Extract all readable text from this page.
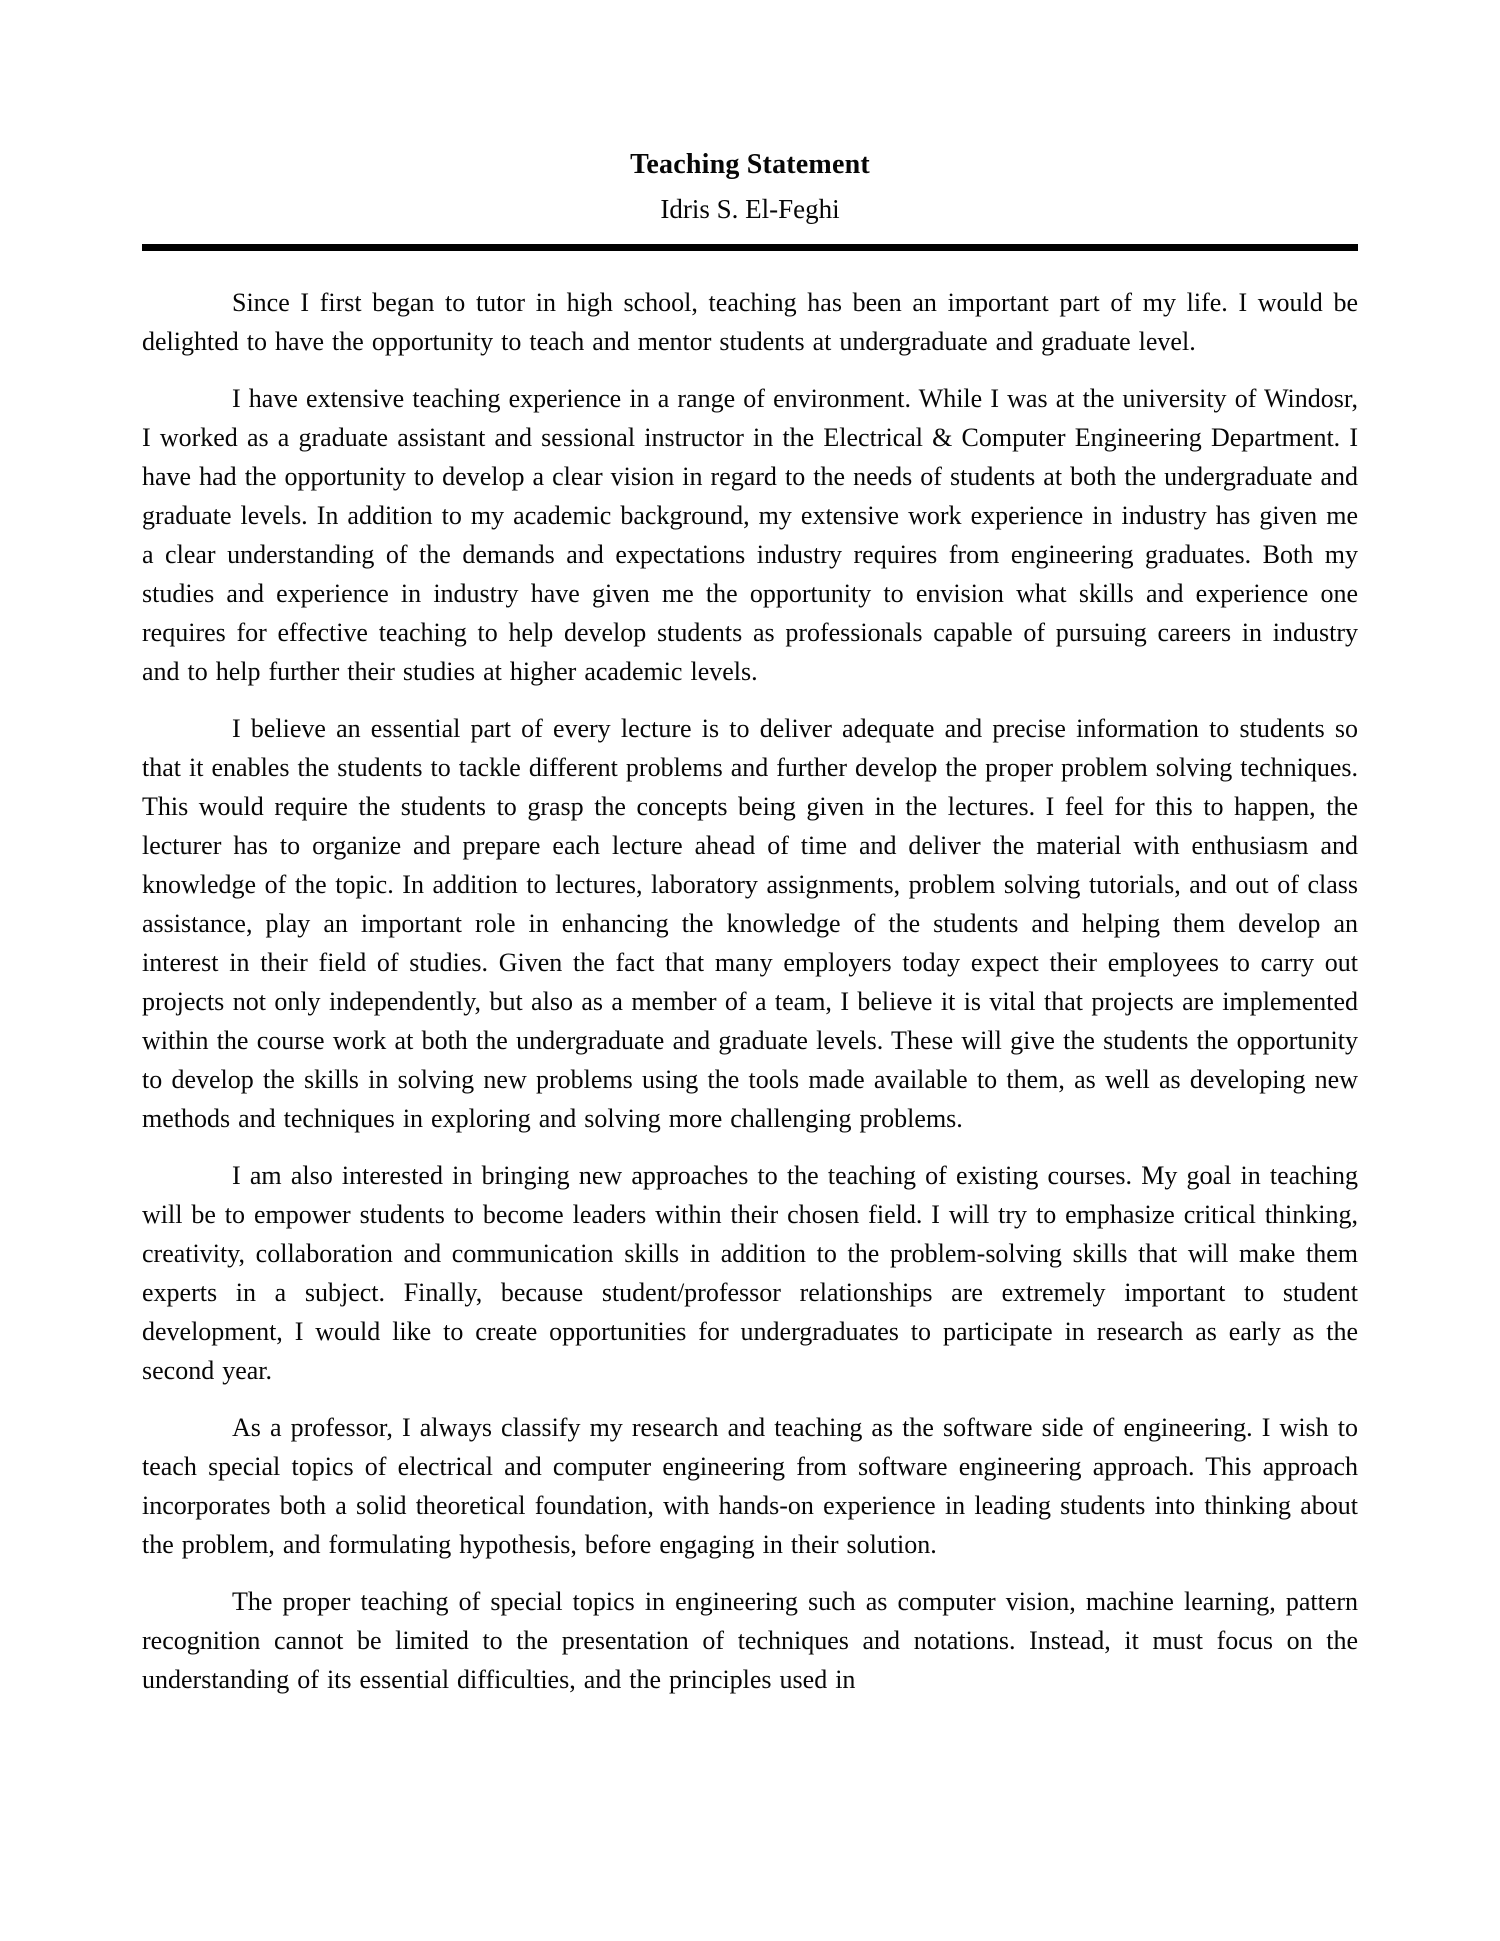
Teaching Statement
Idris S. El-Feghi

Since I first began to tutor in high school, teaching has been an important part of my life. I would be delighted to have the opportunity to teach and mentor students at undergraduate and graduate level.

I have extensive teaching experience in a range of environment. While I was at the university of Windosr, I worked as a graduate assistant and sessional instructor in the Electrical & Computer Engineering Department. I have had the opportunity to develop a clear vision in regard to the needs of students at both the undergraduate and graduate levels. In addition to my academic background, my extensive work experience in industry has given me a clear understanding of the demands and expectations industry requires from engineering graduates. Both my studies and experience in industry have given me the opportunity to envision what skills and experience one requires for effective teaching to help develop students as professionals capable of pursuing careers in industry and to help further their studies at higher academic levels.

I believe an essential part of every lecture is to deliver adequate and precise information to students so that it enables the students to tackle different problems and further develop the proper problem solving techniques. This would require the students to grasp the concepts being given in the lectures. I feel for this to happen, the lecturer has to organize and prepare each lecture ahead of time and deliver the material with enthusiasm and knowledge of the topic. In addition to lectures, laboratory assignments, problem solving tutorials, and out of class assistance, play an important role in enhancing the knowledge of the students and helping them develop an interest in their field of studies. Given the fact that many employers today expect their employees to carry out projects not only independently, but also as a member of a team, I believe it is vital that projects are implemented within the course work at both the undergraduate and graduate levels. These will give the students the opportunity to develop the skills in solving new problems using the tools made available to them, as well as developing new methods and techniques in exploring and solving more challenging problems.

I am also interested in bringing new approaches to the teaching of existing courses. My goal in teaching will be to empower students to become leaders within their chosen field. I will try to emphasize critical thinking, creativity, collaboration and communication skills in addition to the problem-solving skills that will make them experts in a subject. Finally, because student/professor relationships are extremely important to student development, I would like to create opportunities for undergraduates to participate in research as early as the second year.

As a professor, I always classify my research and teaching as the software side of engineering. I wish to teach special topics of electrical and computer engineering from software engineering approach. This approach incorporates both a solid theoretical foundation, with hands-on experience in leading students into thinking about the problem, and formulating hypothesis, before engaging in their solution.

The proper teaching of special topics in engineering such as computer vision, machine learning, pattern recognition cannot be limited to the presentation of techniques and notations. Instead, it must focus on the understanding of its essential difficulties, and the principles used in
